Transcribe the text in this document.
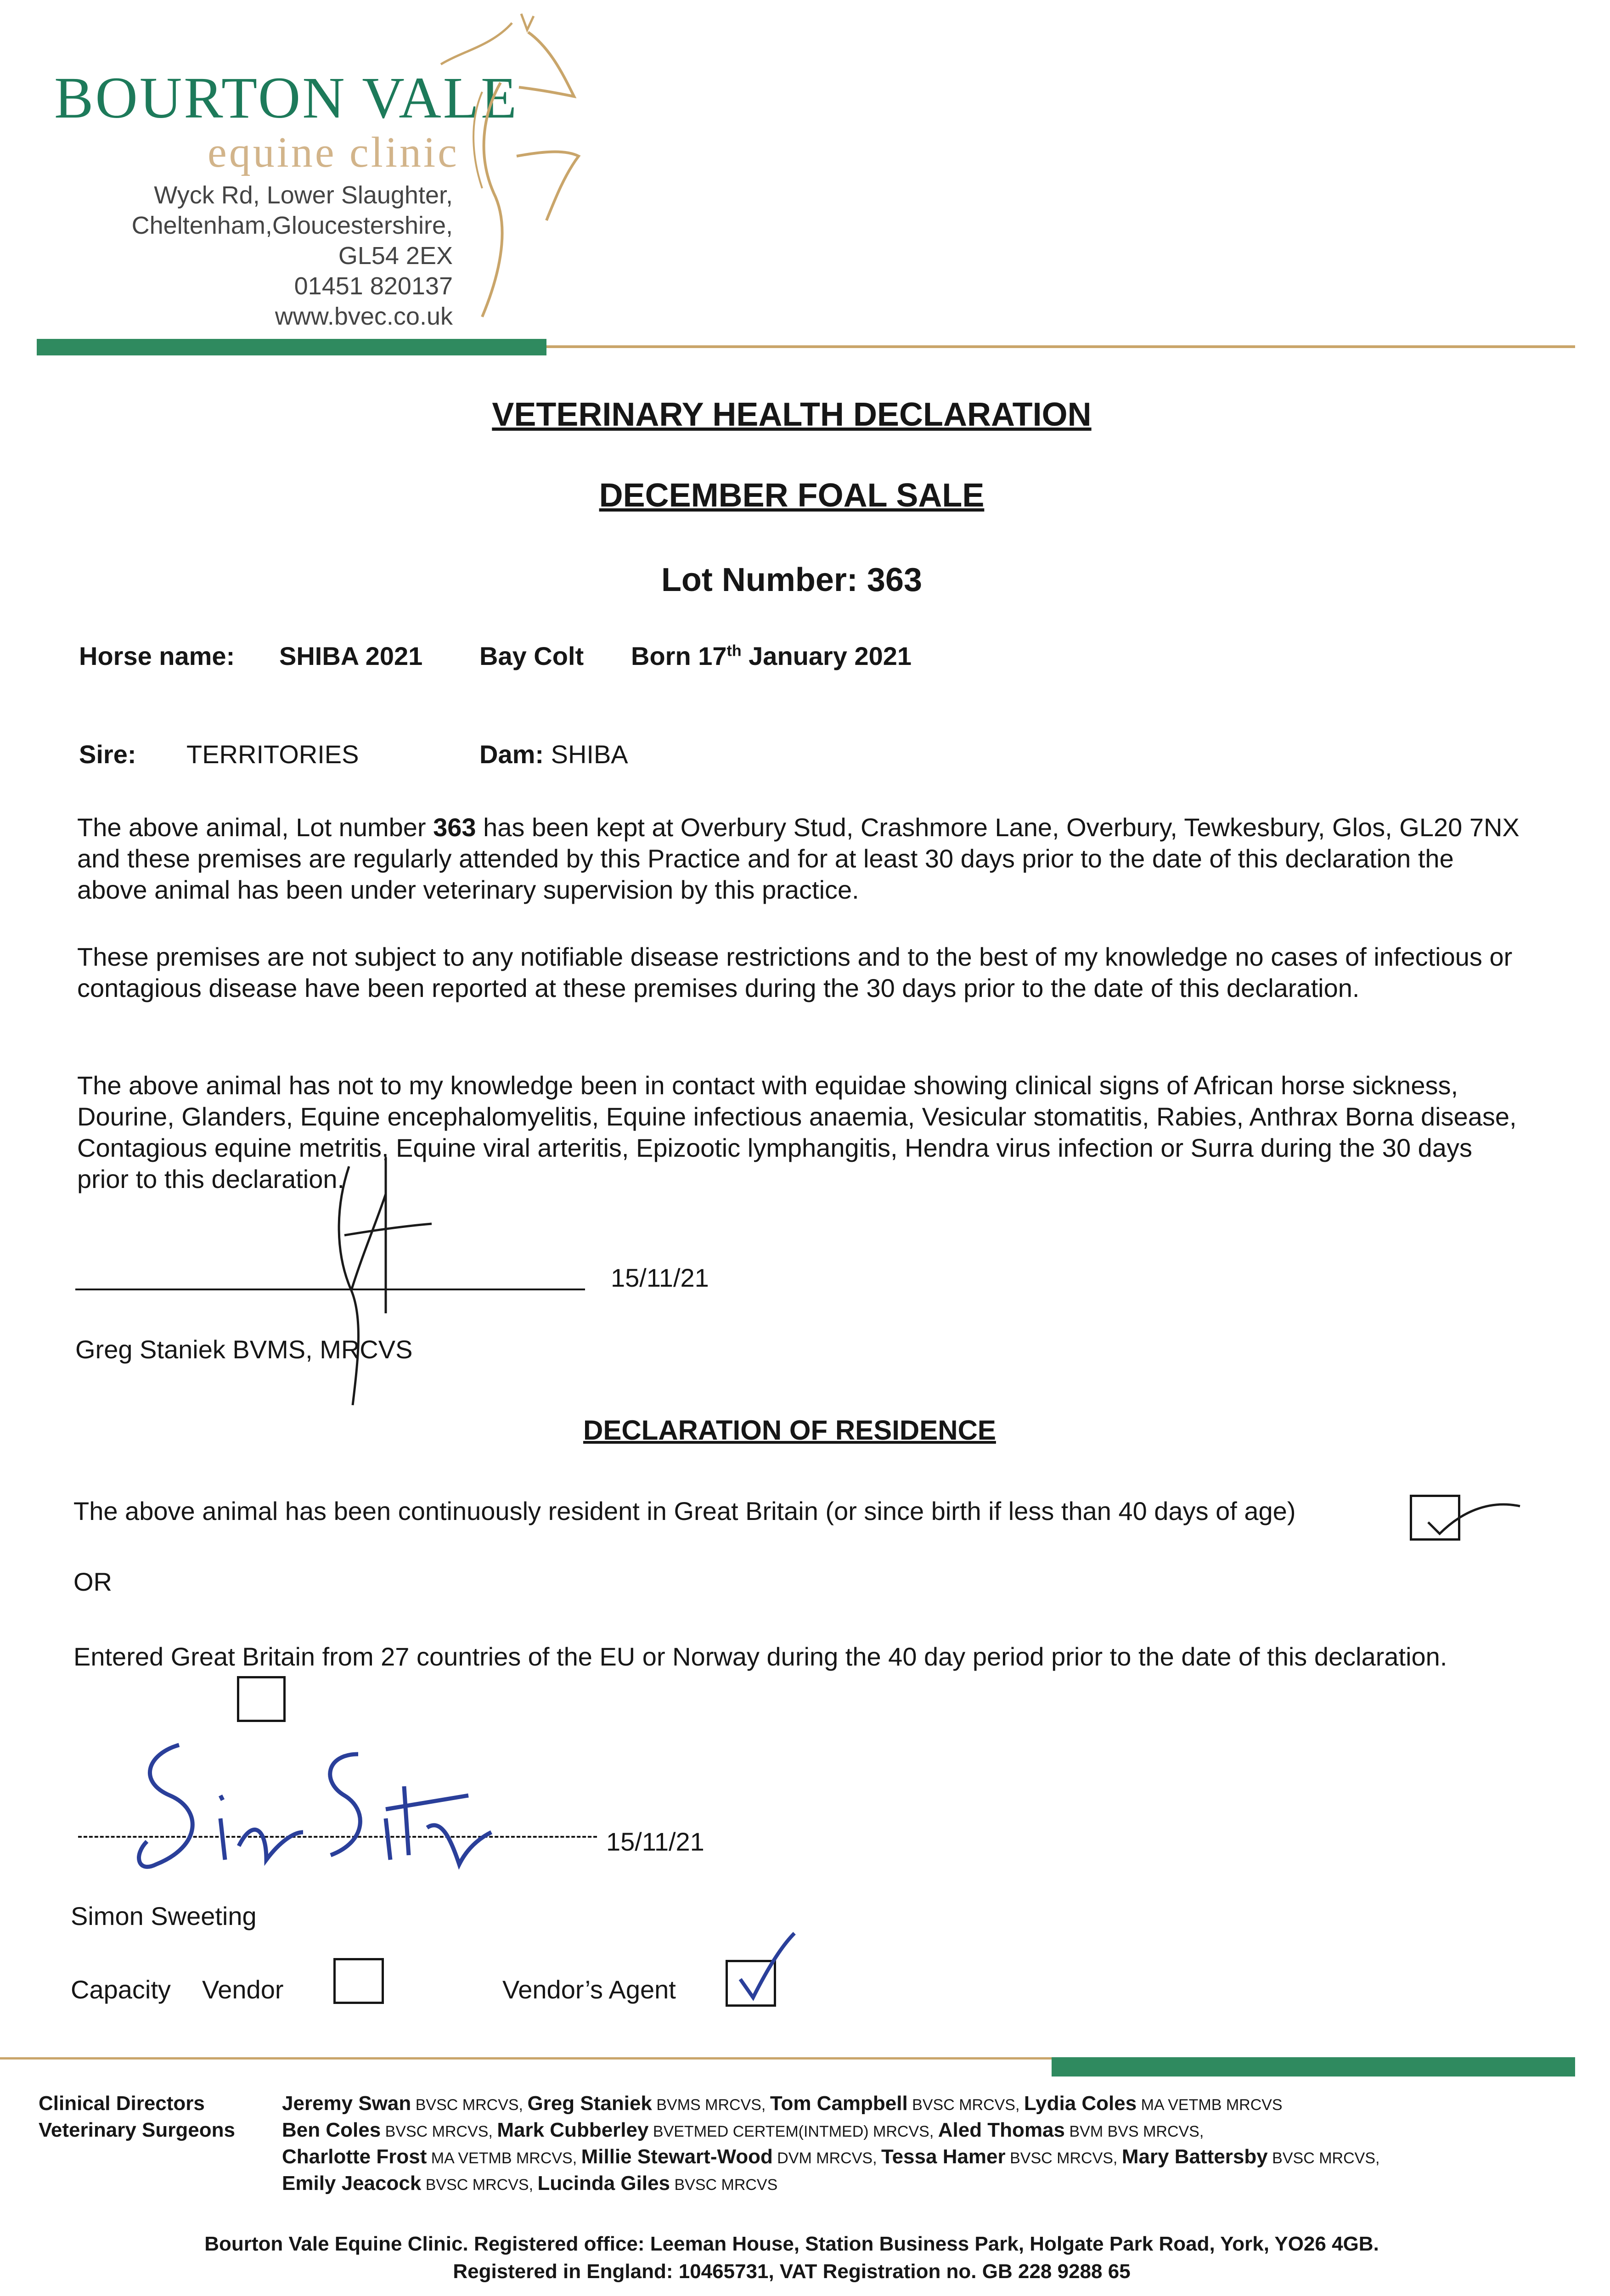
BOURTON VALE
equine clinic
Wyck Rd, Lower Slaughter,
Cheltenham,Gloucestershire,
GL54 2EX
01451 820137
www.bvec.co.uk
VETERINARY HEALTH DECLARATION
DECEMBER FOAL SALE
Lot Number: 363
Horse name: SHIBA 2021 Bay Colt Born 17th January 2021
Sire: TERRITORIES	Dam: SHIBA
The above animal, Lot number 363 has been kept at Overbury Stud, Crashmore Lane, Overbury, Tewkesbury, Glos, GL20 7NX and these premises are regularly attended by this Practice and for at least 30 days prior to the date of this declaration the above animal has been under veterinary supervision by this practice.
These premises are not subject to any notifiable disease restrictions and to the best of my knowledge no cases of infectious or contagious disease have been reported at these premises during the 30 days prior to the date of this declaration.
The above animal has not to my knowledge been in contact with equidae showing clinical signs of African horse sickness, Dourine, Glanders, Equine encephalomyelitis, Equine infectious anaemia, Vesicular stomatitis, Rabies, Anthrax Borna disease, Contagious equine metritis, Equine viral arteritis, Epizootic lymphangitis, Hendra virus infection or Surra during the 30 days prior to this declaration.
15/11/21
Greg Staniek BVMS, MRCVS
DECLARATION OF RESIDENCE
The above animal has been continuously resident in Great Britain (or since birth if less than 40 days of age)
OR
Entered Great Britain from 27 countries of the EU or Norway during the 40 day period prior to the date of this declaration.
15/11/21
Simon Sweeting
Capacity Vendor	Vendor’s Agent
Clinical Directors
Veterinary Surgeons
Jeremy Swan BVSC MRCVS, Greg Staniek BVMS MRCVS, Tom Campbell BVSC MRCVS, Lydia Coles MA VETMB MRCVS
Ben Coles BVSC MRCVS, Mark Cubberley BVETMED CERTEM(INTMED) MRCVS, Aled Thomas BVM BVS MRCVS,
Charlotte Frost MA VETMB MRCVS, Millie Stewart-Wood DVM MRCVS, Tessa Hamer BVSC MRCVS, Mary Battersby BVSC MRCVS,
Emily Jeacock BVSC MRCVS, Lucinda Giles BVSC MRCVS
Bourton Vale Equine Clinic. Registered office: Leeman House, Station Business Park, Holgate Park Road, York, YO26 4GB.
Registered in England: 10465731, VAT Registration no. GB 228 9288 65
